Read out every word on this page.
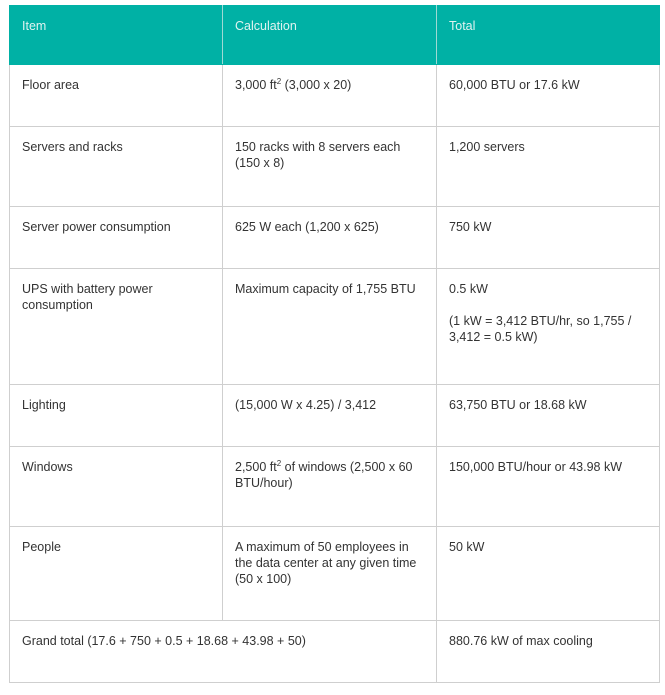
Item	Calculation	Total
Floor area	3,000 $ft^2$ (3,000 x 20)	60,000 BTU or 17.6 kW
Servers and racks	150 racks with 8 servers each (150 x 8)	1,200 servers
Server power consumption	625 W each (1,200 x 625)	750 kW
UPS with battery power consumption	Maximum capacity of 1,755 BTU	0.5 kW
(1 kW = 3,412 BTU/hr, so 1,755 / 3,412 = 0.5 kW)

Lighting	(15,000 W x 4.25) / 3,412	63,750 BTU or 18.68 kW
Windows	2,500 $ft^2$ of windows (2,500 x 60 BTU/hour)	150,000 BTU/hour or 43.98 kW
People	A maximum of 50 employees in the data center at any given time (50 x 100)	50 kW
Grand total (17.6 + 750 + 0.5 + 18.68 + 43.98 + 50)		880.76 kW of max cooling
